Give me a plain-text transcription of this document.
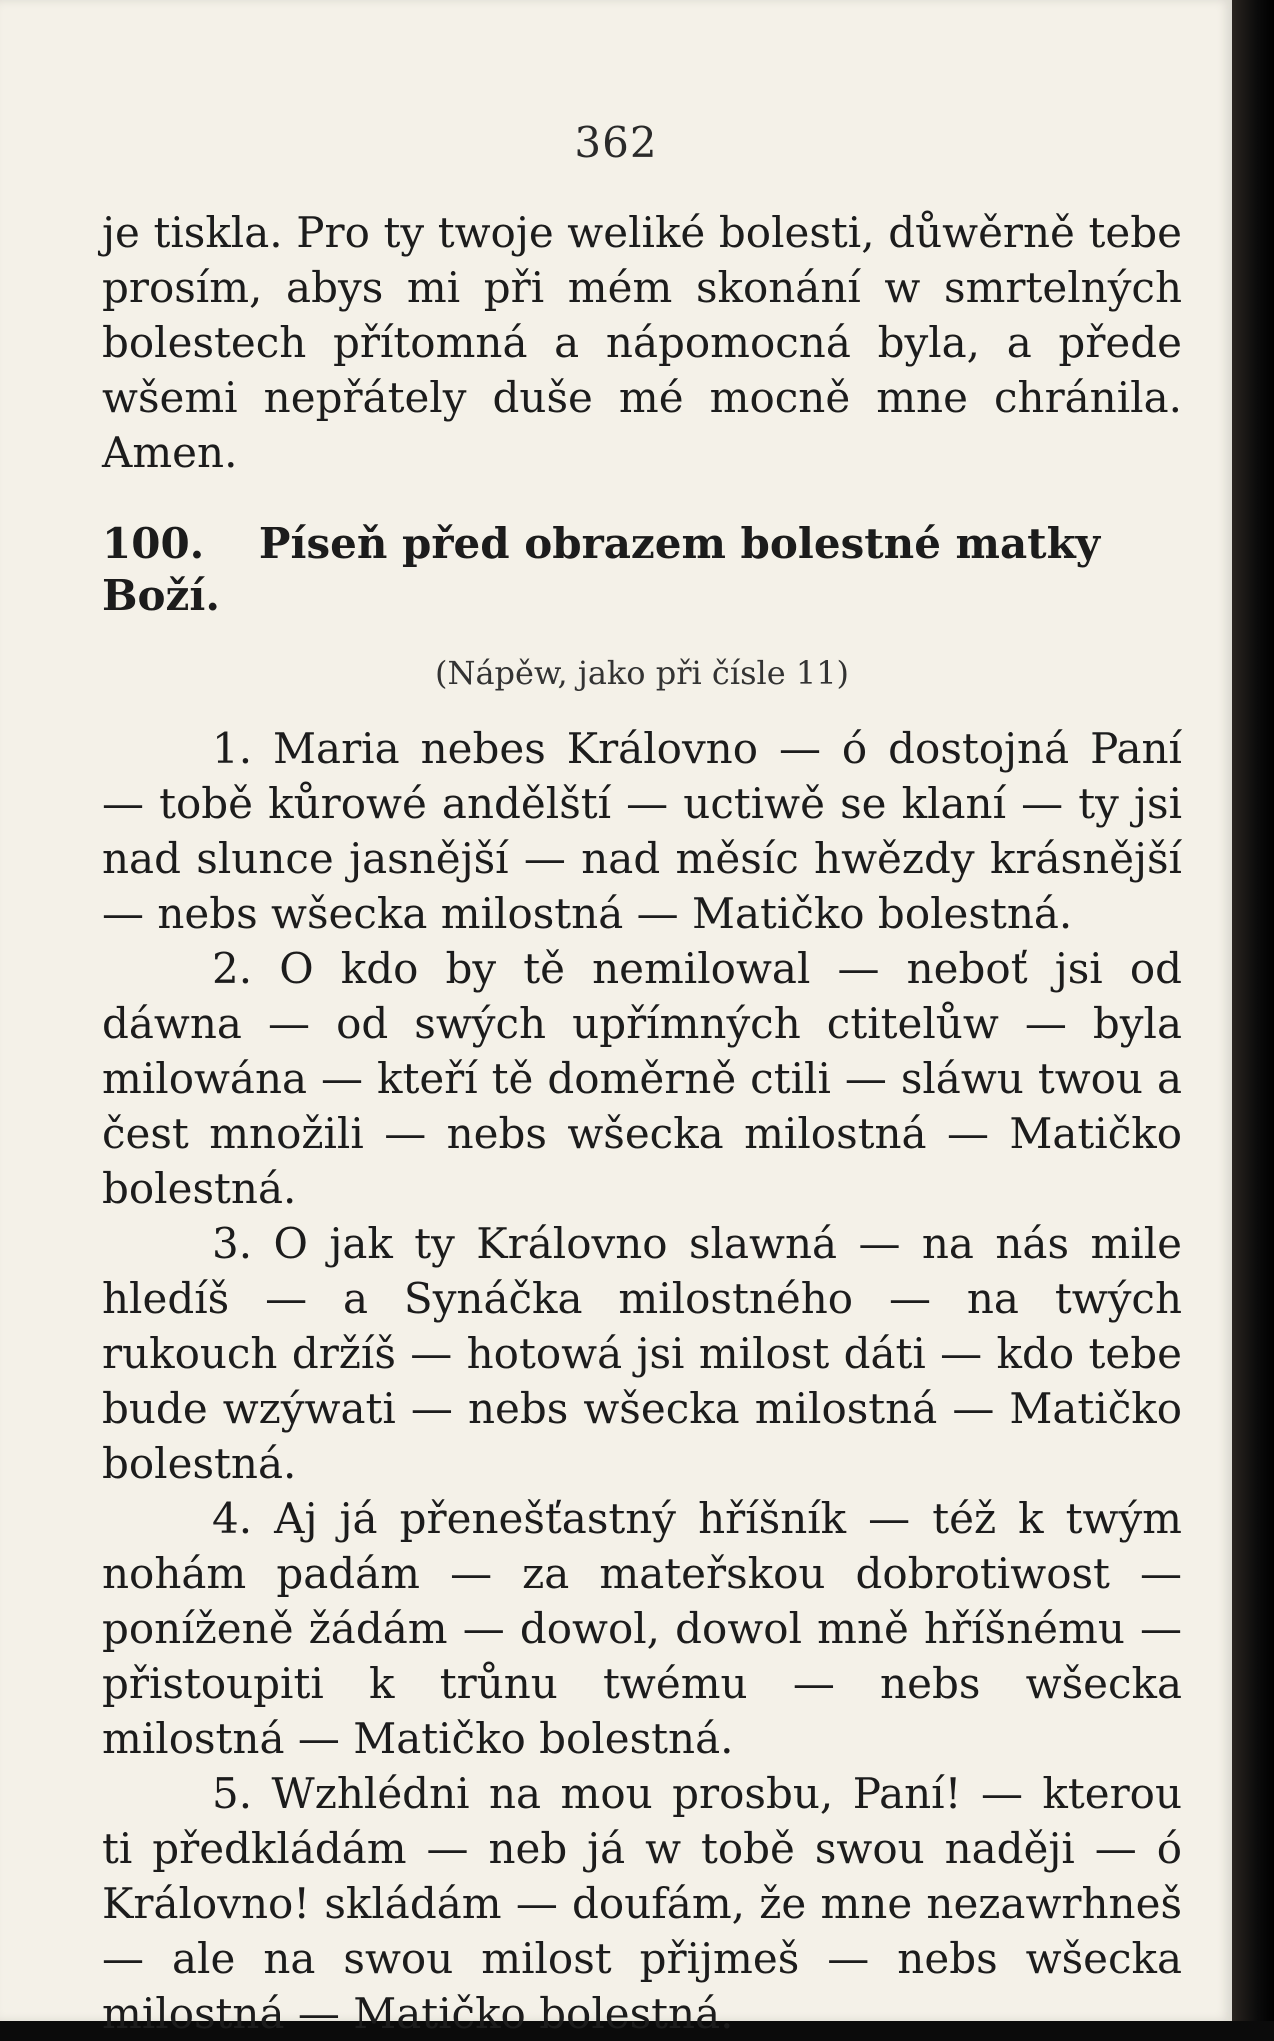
362

je tiskla. Pro ty twoje weliké bolesti, důwěrně tebe prosím, abys mi při mém skonání w smrtelných bolestech přítomná a nápomocná byla, a přede wšemi nepřátely duše mé mocně mne chránila. Amen.

100. Píseň před obrazem bolestné matky Boží.
(Nápěw, jako při čísle 11)

1. Maria nebes Královno — ó dostojná Paní — tobě kůrowé andělští — uctiwě se klaní — ty jsi nad slunce jasnější — nad měsíc hwězdy krásnější — nebs wšecka milostná — Matičko bolestná.

2. O kdo by tě nemilowal — neboť jsi od dáwna — od swých upřímných ctitelůw — byla milowána — kteří tě doměrně ctili — sláwu twou a čest množili — nebs wšecka milostná — Matičko bolestná.

3. O jak ty Královno slawná — na nás mile hledíš — a Synáčka milostného — na twých rukouch držíš — hotowá jsi milost dáti — kdo tebe bude wzýwati — nebs wšecka milostná — Matičko bolestná.

4. Aj já přenešťastný hříšník — též k twým nohám padám — za mateřskou dobrotiwost — poníženě žádám — dowol, dowol mně hříšnému — přistoupiti k trůnu twému — nebs wšecka milostná — Matičko bolestná.

5. Wzhlédni na mou prosbu, Paní! — kterou ti předkládám — neb já w tobě swou naději — ó Královno! skládám — doufám, že mne nezawrhneš — ale na swou milost přijmeš — nebs wšecka milostná — Matičko bolestná.
